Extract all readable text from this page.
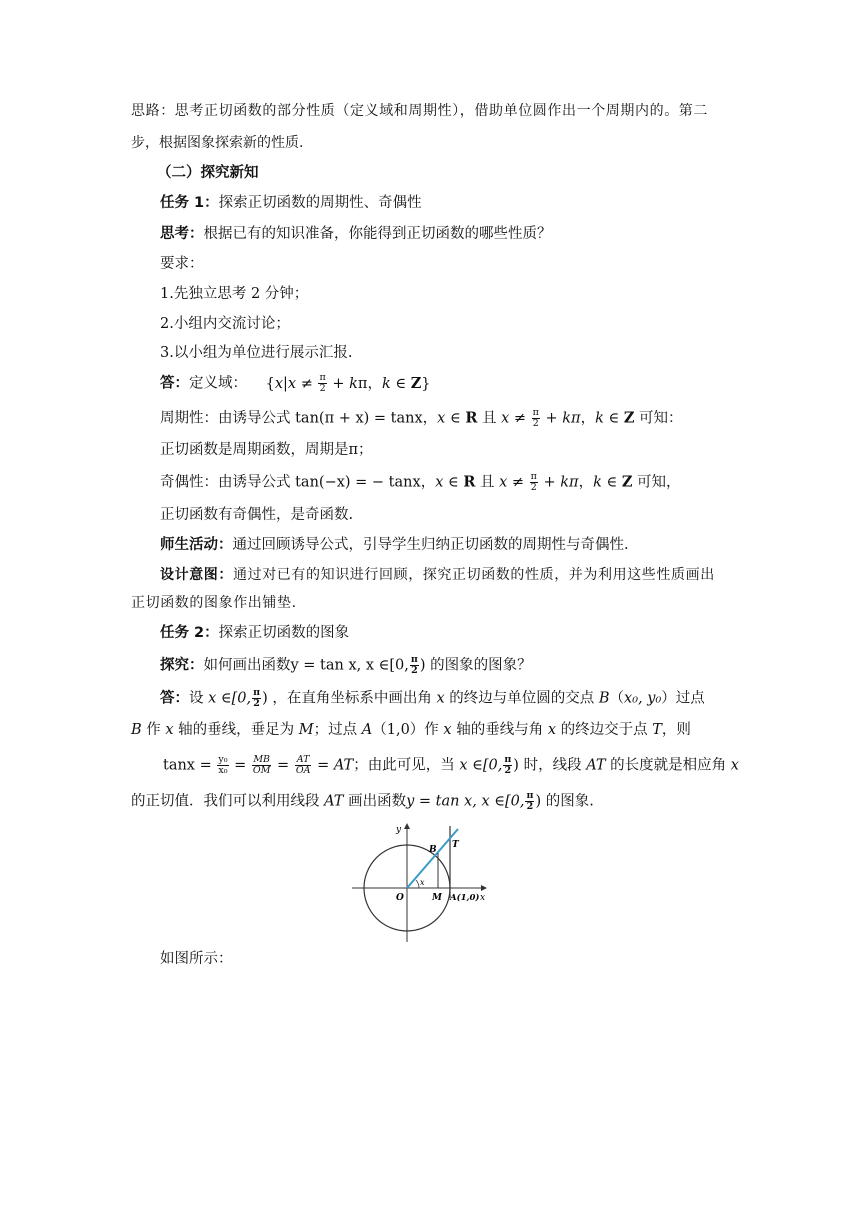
思路：思考正切函数的部分性质（定义域和周期性），借助单位圆作出一个周期内的。第二
步，根据图象探索新的性质.
（二）探究新知
任务 1：探索正切函数的周期性、奇偶性
思考：根据已有的知识准备，你能得到正切函数的哪些性质？
要求：
1.先独立思考 2 分钟；
2.小组内交流讨论；
3.以小组为单位进行展示汇报.
答：定义域： {$x|x \ne \frac{\pi}{2} + k\pi$，k ∈ Z}
周期性：由诱导公式 tan(π + x) = tanx，x ∈ R 且 $x \ne \frac{\pi}{2} + k\pi$，k ∈ Z 可知：
正切函数是周期函数，周期是π；
奇偶性：由诱导公式 tan(−x) = − tanx，x ∈ R 且 $x \ne \frac{\pi}{2} + k\pi$，k ∈ Z 可知，
正切函数有奇偶性，是奇函数.
师生活动：通过回顾诱导公式，引导学生归纳正切函数的周期性与奇偶性.
设计意图：通过对已有的知识进行回顾，探究正切函数的性质，并为利用这些性质画出
正切函数的图象作出铺垫.
任务 2：探索正切函数的图象
探究：如何画出函数y = tan x, x ∈[0, $\frac{\pi}{2}$ ) 的图象的图象？
答：设 x ∈[0, $\frac{\pi}{2}$ ) ，在直角坐标系中画出角 x 的终边与单位圆的交点 B（x₀, y₀）过点
B 作 x 轴的垂线，垂足为 M；过点 A（1,0）作 x 轴的垂线与角 x 的终边交于点 T，则
$\tan x = \frac{\text{y₀}}{\text{x₀}} = \frac{MB}{OM} = \frac{AT}{OA}$ = AT；由此可见，当 x ∈[0, $\frac{\pi}{2}$ ) 时，线段 AT 的长度就是相应角 x
的正切值．我们可以利用线段 AT 画出函数y = tan x, x ∈[0, $\frac{\pi}{2}$ ) 的图象.
y
x
B T
O	M
x
A(1,0)
如图所示：
